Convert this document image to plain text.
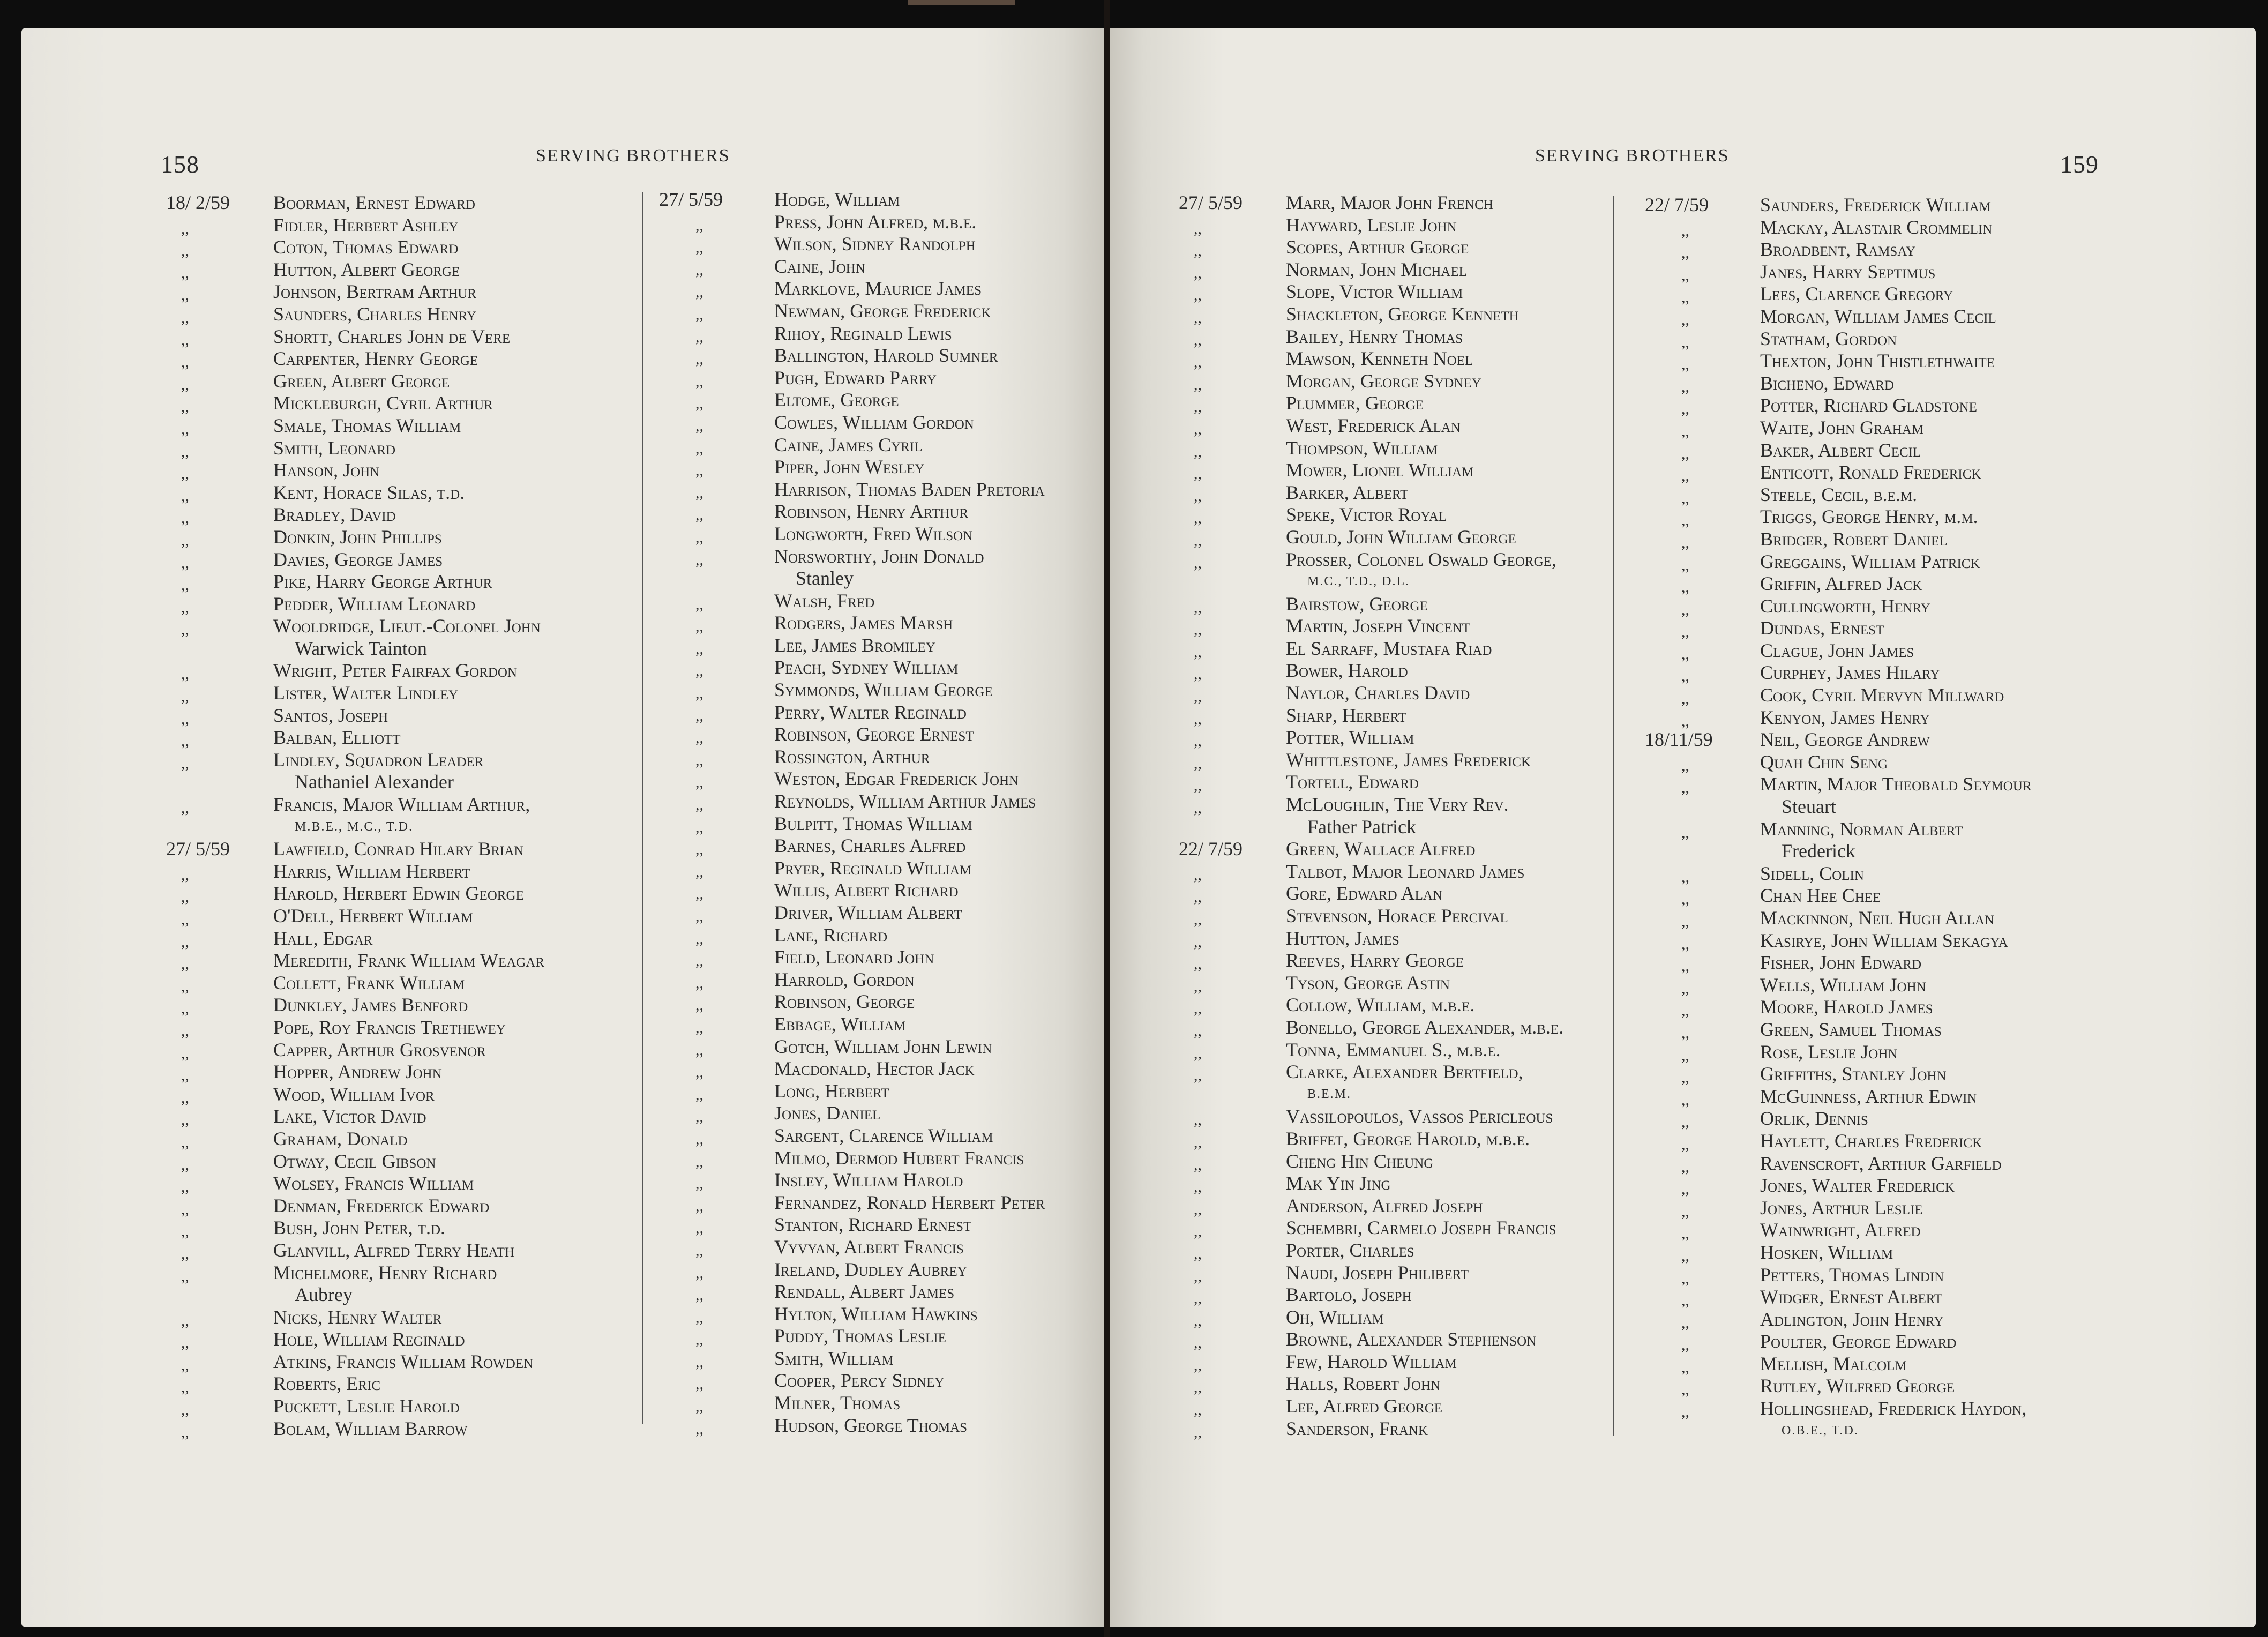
158	SERVING BROTHERS	SERVING BROTHERS	159
18/ 2/59	Boorman, Ernest Edward
,,	Fidler, Herbert Ashley
,,	Coton, Thomas Edward
,,	Hutton, Albert George
,,	Johnson, Bertram Arthur
,,	Saunders, Charles Henry
,,	Shortt, Charles John de Vere
,,	Carpenter, Henry George
,,	Green, Albert George
,,	Mickleburgh, Cyril Arthur
,,	Smale, Thomas William
,,	Smith, Leonard
,,	Hanson, John
,,	Kent, Horace Silas, t.d.
,,	Bradley, David
,,	Donkin, John Phillips
,,	Davies, George James
,,	Pike, Harry George Arthur
,,	Pedder, William Leonard
,,	Wooldridge, Lieut.-Colonel John
Warwick Tainton
,,	Wright, Peter Fairfax Gordon
,,	Lister, Walter Lindley
,,	Santos, Joseph
,,	Balban, Elliott
,,	Lindley, Squadron Leader
Nathaniel Alexander
,,	Francis, Major William Arthur,
M.B.E., M.C., T.D.
27/ 5/59	Lawfield, Conrad Hilary Brian
,,	Harris, William Herbert
,,	Harold, Herbert Edwin George
,,	O'Dell, Herbert William
,,	Hall, Edgar
,,	Meredith, Frank William Weagar
,,	Collett, Frank William
,,	Dunkley, James Benford
,,	Pope, Roy Francis Trethewey
,,	Capper, Arthur Grosvenor
,,	Hopper, Andrew John
,,	Wood, William Ivor
,,	Lake, Victor David
,,	Graham, Donald
,,	Otway, Cecil Gibson
,,	Wolsey, Francis William
,,	Denman, Frederick Edward
,,	Bush, John Peter, t.d.
,,	Glanvill, Alfred Terry Heath
,,	Michelmore, Henry Richard
Aubrey
,,	Nicks, Henry Walter
,,	Hole, William Reginald
,,	Atkins, Francis William Rowden
,,	Roberts, Eric
,,	Puckett, Leslie Harold
,,	Bolam, William Barrow
27/ 5/59	Hodge, William
,,	Press, John Alfred, m.b.e.
,,	Wilson, Sidney Randolph
,,	Caine, John
,,	Marklove, Maurice James
,,	Newman, George Frederick
,,	Rihoy, Reginald Lewis
,,	Ballington, Harold Sumner
,,	Pugh, Edward Parry
,,	Eltome, George
,,	Cowles, William Gordon
,,	Caine, James Cyril
,,	Piper, John Wesley
,,	Harrison, Thomas Baden Pretoria
,,	Robinson, Henry Arthur
,,	Longworth, Fred Wilson
,,	Norsworthy, John Donald
Stanley
,,	Walsh, Fred
,,	Rodgers, James Marsh
,,	Lee, James Bromiley
,,	Peach, Sydney William
,,	Symmonds, William George
,,	Perry, Walter Reginald
,,	Robinson, George Ernest
,,	Rossington, Arthur
,,	Weston, Edgar Frederick John
,,	Reynolds, William Arthur James
,,	Bulpitt, Thomas William
,,	Barnes, Charles Alfred
,,	Pryer, Reginald William
,,	Willis, Albert Richard
,,	Driver, William Albert
,,	Lane, Richard
,,	Field, Leonard John
,,	Harrold, Gordon
,,	Robinson, George
,,	Ebbage, William
,,	Gotch, William John Lewin
,,	Macdonald, Hector Jack
,,	Long, Herbert
,,	Jones, Daniel
,,	Sargent, Clarence William
,,	Milmo, Dermod Hubert Francis
,,	Insley, William Harold
,,	Fernandez, Ronald Herbert Peter
,,	Stanton, Richard Ernest
,,	Vyvyan, Albert Francis
,,	Ireland, Dudley Aubrey
,,	Rendall, Albert James
,,	Hylton, William Hawkins
,,	Puddy, Thomas Leslie
,,	Smith, William
,,	Cooper, Percy Sidney
,,	Milner, Thomas
,,	Hudson, George Thomas
27/ 5/59	Marr, Major John French
,,	Hayward, Leslie John
,,	Scopes, Arthur George
,,	Norman, John Michael
,,	Slope, Victor William
,,	Shackleton, George Kenneth
,,	Bailey, Henry Thomas
,,	Mawson, Kenneth Noel
,,	Morgan, George Sydney
,,	Plummer, George
,,	West, Frederick Alan
,,	Thompson, William
,,	Mower, Lionel William
,,	Barker, Albert
,,	Speke, Victor Royal
,,	Gould, John William George
,,	Prosser, Colonel Oswald George,
M.C., T.D., D.L.
,,	Bairstow, George
,,	Martin, Joseph Vincent
,,	El Sarraff, Mustafa Riad
,,	Bower, Harold
,,	Naylor, Charles David
,,	Sharp, Herbert
,,	Potter, William
,,	Whittlestone, James Frederick
,,	Tortell, Edward
,,	McLoughlin, The Very Rev.
Father Patrick
22/ 7/59	Green, Wallace Alfred
,,	Talbot, Major Leonard James
,,	Gore, Edward Alan
,,	Stevenson, Horace Percival
,,	Hutton, James
,,	Reeves, Harry George
,,	Tyson, George Astin
,,	Collow, William, m.b.e.
,,	Bonello, George Alexander, m.b.e.
,,	Tonna, Emmanuel S., m.b.e.
,,	Clarke, Alexander Bertfield,
B.E.M.
,,	Vassilopoulos, Vassos Pericleous
,,	Briffet, George Harold, m.b.e.
,,	Cheng Hin Cheung
,,	Mak Yin Jing
,,	Anderson, Alfred Joseph
,,	Schembri, Carmelo Joseph Francis
,,	Porter, Charles
,,	Naudi, Joseph Philibert
,,	Bartolo, Joseph
,,	Oh, William
,,	Browne, Alexander Stephenson
,,	Few, Harold William
,,	Halls, Robert John
,,	Lee, Alfred George
,,	Sanderson, Frank
22/ 7/59	Saunders, Frederick William
,,	Mackay, Alastair Crommelin
,,	Broadbent, Ramsay
,,	Janes, Harry Septimus
,,	Lees, Clarence Gregory
,,	Morgan, William James Cecil
,,	Statham, Gordon
,,	Thexton, John Thistlethwaite
,,	Bicheno, Edward
,,	Potter, Richard Gladstone
,,	Waite, John Graham
,,	Baker, Albert Cecil
,,	Enticott, Ronald Frederick
,,	Steele, Cecil, b.e.m.
,,	Triggs, George Henry, m.m.
,,	Bridger, Robert Daniel
,,	Greggains, William Patrick
,,	Griffin, Alfred Jack
,,	Cullingworth, Henry
,,	Dundas, Ernest
,,	Clague, John James
,,	Curphey, James Hilary
,,	Cook, Cyril Mervyn Millward
,,	Kenyon, James Henry
18/11/59	Neil, George Andrew
,,	Quah Chin Seng
,,	Martin, Major Theobald Seymour
Steuart
,,	Manning, Norman Albert
Frederick
,,	Sidell, Colin
,,	Chan Hee Chee
,,	Mackinnon, Neil Hugh Allan
,,	Kasirye, John William Sekagya
,,	Fisher, John Edward
,,	Wells, William John
,,	Moore, Harold James
,,	Green, Samuel Thomas
,,	Rose, Leslie John
,,	Griffiths, Stanley John
,,	McGuinness, Arthur Edwin
,,	Orlik, Dennis
,,	Haylett, Charles Frederick
,,	Ravenscroft, Arthur Garfield
,,	Jones, Walter Frederick
,,	Jones, Arthur Leslie
,,	Wainwright, Alfred
,,	Hosken, William
,,	Petters, Thomas Lindin
,,	Widger, Ernest Albert
,,	Adlington, John Henry
,,	Poulter, George Edward
,,	Mellish, Malcolm
,,	Rutley, Wilfred George
,,	Hollingshead, Frederick Haydon,
O.B.E., T.D.
